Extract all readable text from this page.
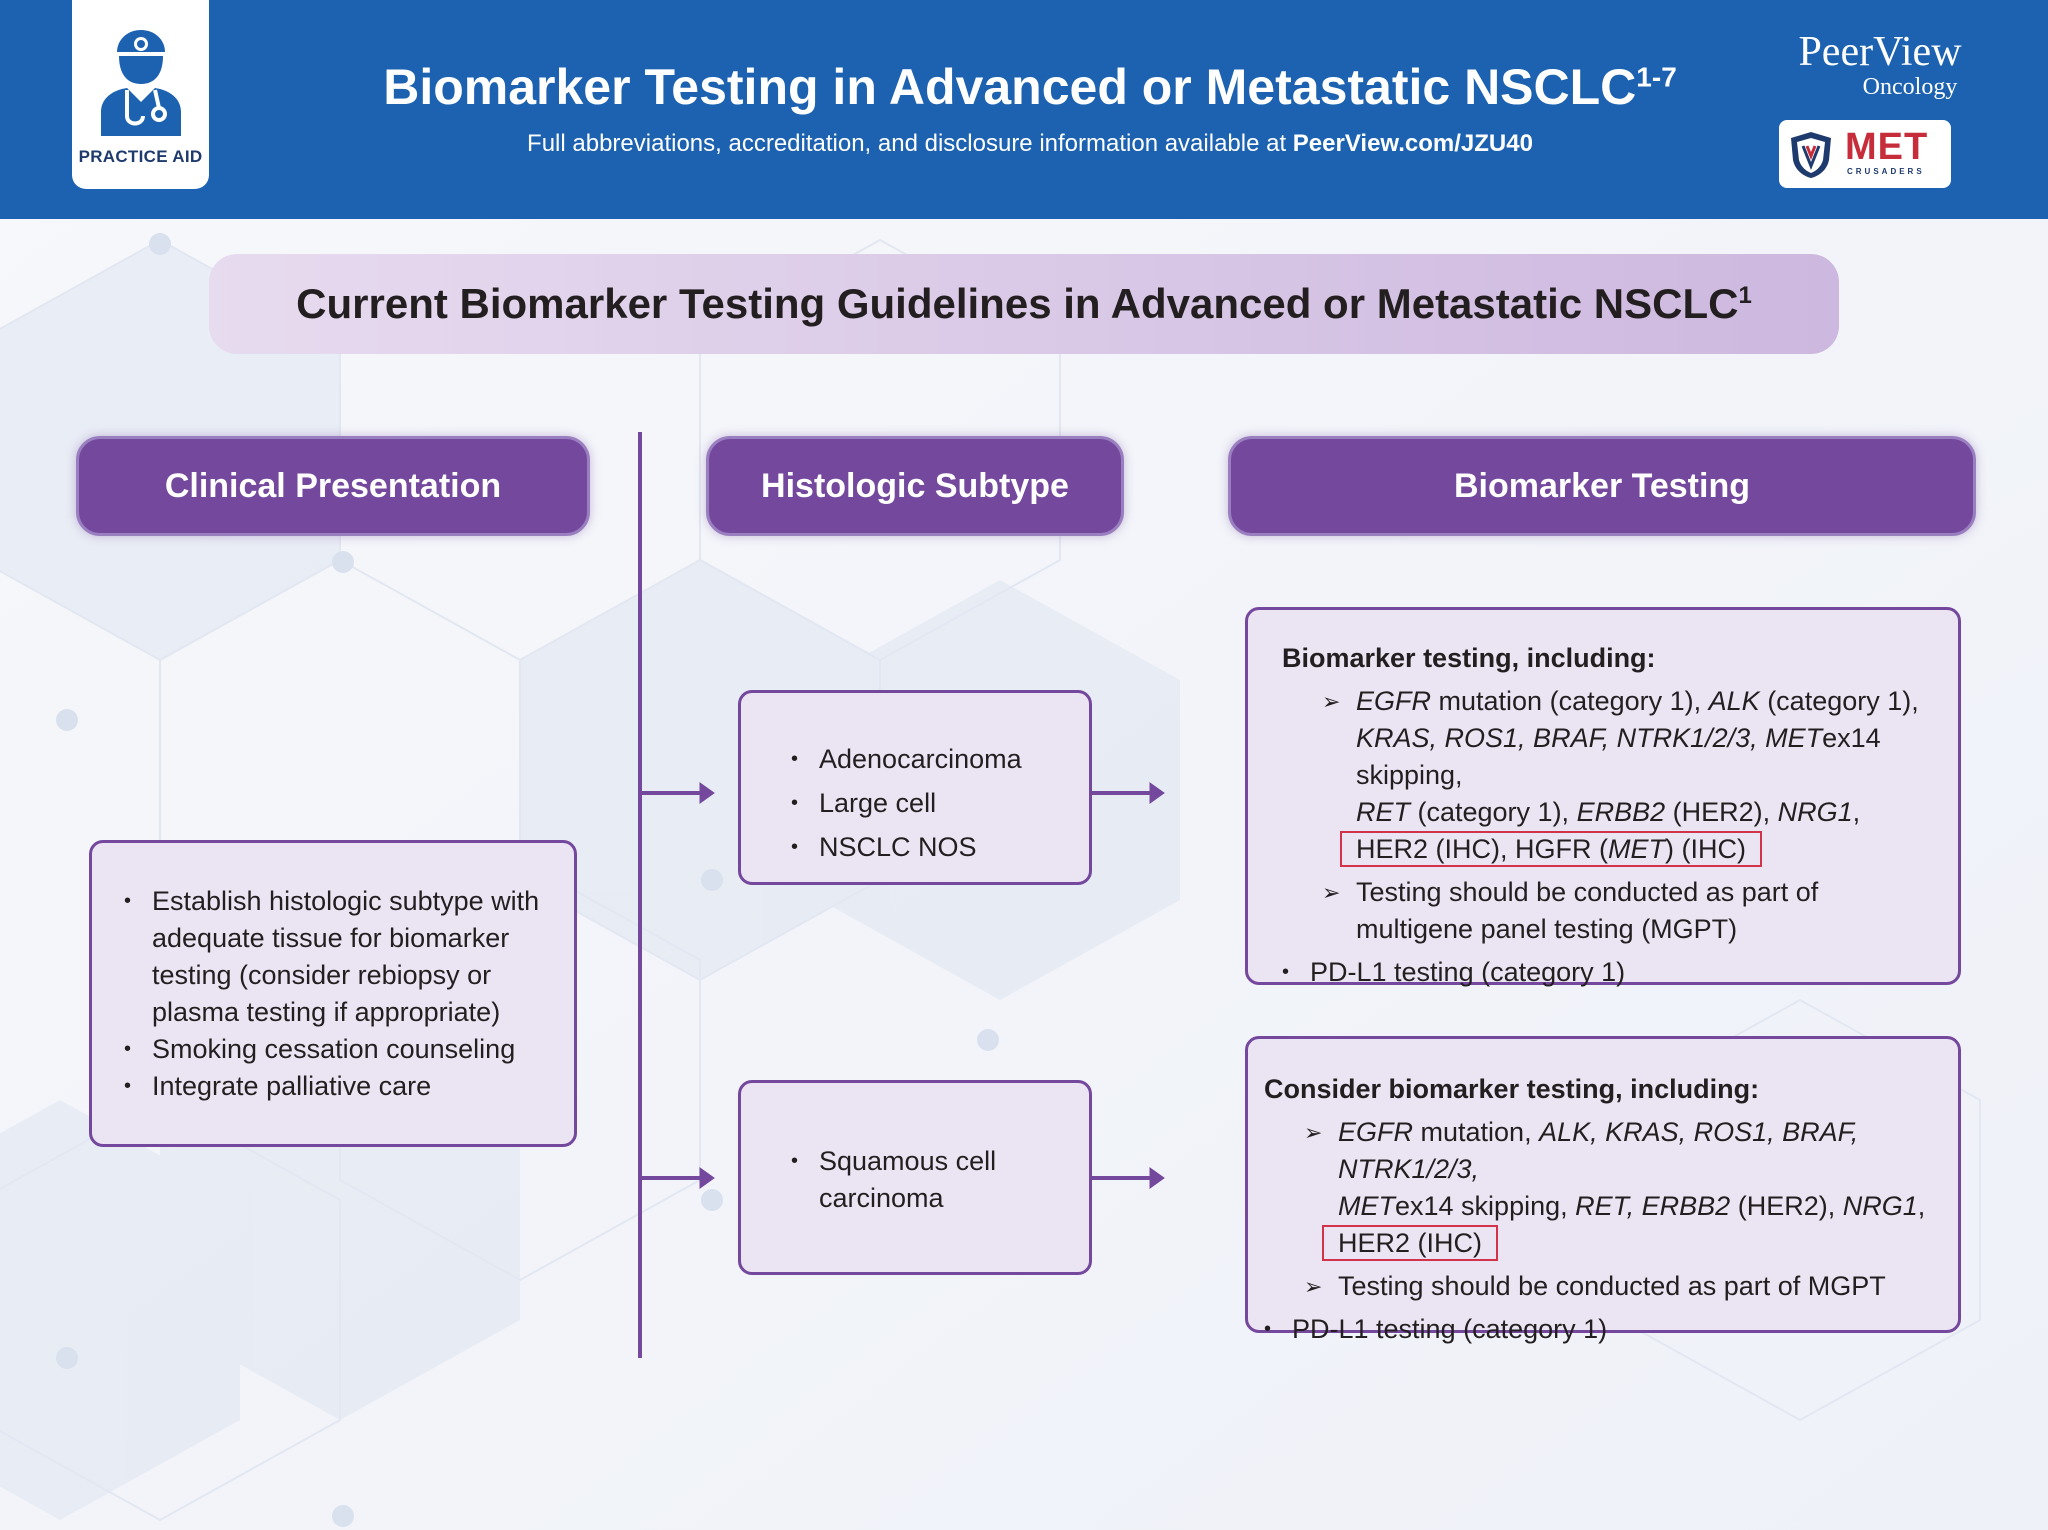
PRACTICE AID
Biomarker Testing in Advanced or Metastatic NSCLC$^{1-7}$
Full abbreviations, accreditation, and disclosure information available at PeerView.com/JZU40
PeerView
Oncology
MET
CRUSADERS
Current Biomarker Testing Guidelines in Advanced or Metastatic NSCLC$^1$
Clinical Presentation	Histologic Subtype	Biomarker Testing
• Establish histologic subtype with adequate tissue for biomarker testing (consider rebiopsy or plasma testing if appropriate)
• Smoking cessation counseling
• Integrate palliative care
• Adenocarcinoma
• Large cell
• NSCLC NOS
• Squamous cell carcinoma
Biomarker testing, including:
➢ EGFR mutation (category 1), ALK (category 1),
KRAS, ROS1, BRAF, NTRK1/2/3, METex14 skipping,
RET (category 1), ERBB2 (HER2), NRG1,
HER2 (IHC), HGFR (MET) (IHC)
➢ Testing should be conducted as part of multigene panel testing (MGPT)
• PD-L1 testing (category 1)
Consider biomarker testing, including:
➢ EGFR mutation, ALK, KRAS, ROS1, BRAF, NTRK1/2/3,
METex14 skipping, RET, ERBB2 (HER2), NRG1,
HER2 (IHC)
➢ Testing should be conducted as part of MGPT
• PD-L1 testing (category 1)
